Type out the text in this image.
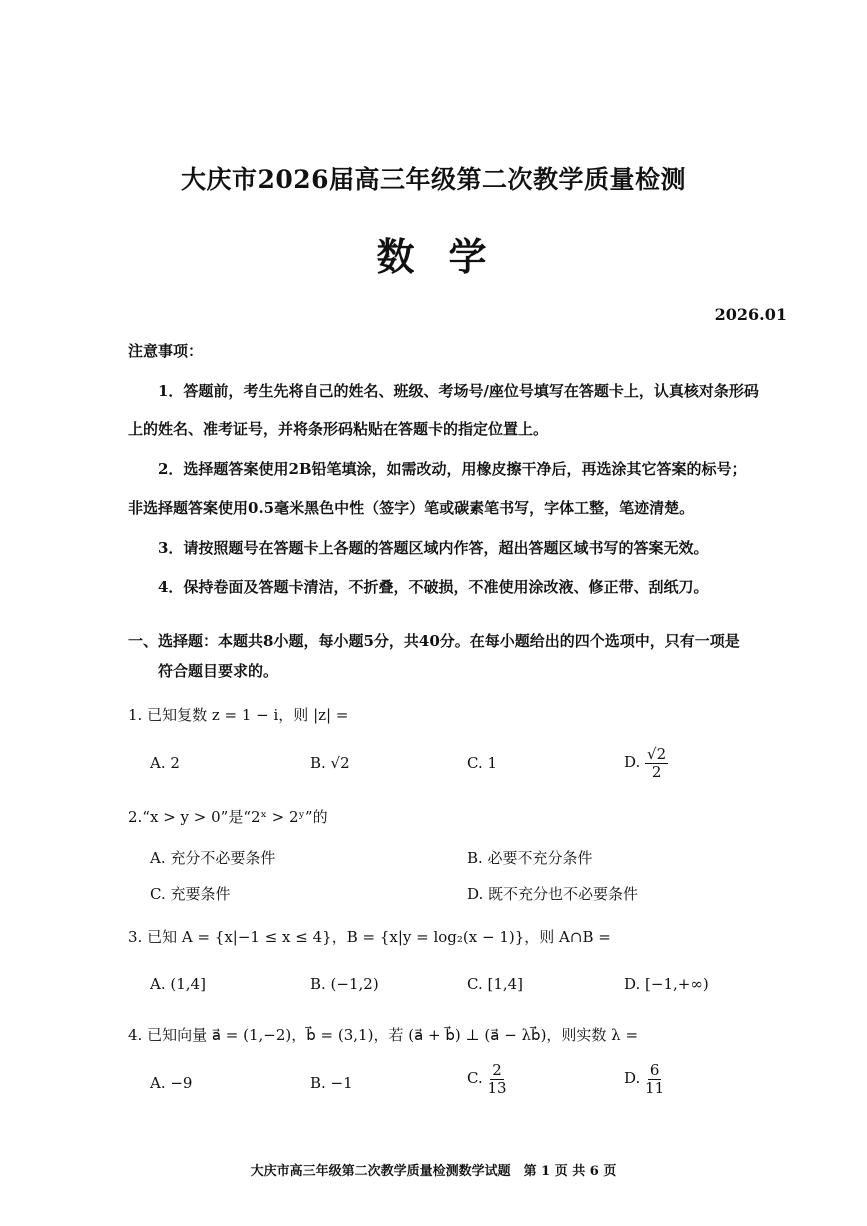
大庆市2026届高三年级第二次教学质量检测
数学
2026.01
注意事项：
1．答题前，考生先将自己的姓名、班级、考场号/座位号填写在答题卡上，认真核对条形码
上的姓名、准考证号，并将条形码粘贴在答题卡的指定位置上。
2．选择题答案使用2B铅笔填涂，如需改动，用橡皮擦干净后，再选涂其它答案的标号；
非选择题答案使用0.5毫米黑色中性（签字）笔或碳素笔书写，字体工整，笔迹清楚。
3．请按照题号在答题卡上各题的答题区域内作答，超出答题区域书写的答案无效。
4．保持卷面及答题卡清洁，不折叠，不破损，不准使用涂改液、修正带、刮纸刀。
一、选择题：本题共8小题，每小题5分，共40分。在每小题给出的四个选项中，只有一项是
符合题目要求的。
1. 已知复数 z = 1 − i，则 |z| =
A. 2	B. √2	C. 1	D. $\frac{√2}{2}$
2.“x > y > 0”是“2ˣ > 2ʸ”的
A. 充分不必要条件	B. 必要不充分条件
C. 充要条件	D. 既不充分也不必要条件
3. 已知 A = {x|−1 ≤ x ≤ 4}，B = {x|y = log₂(x − 1)}，则 A∩B =
A. (1,4]	B. (−1,2)	C. [1,4]	D. [−1,+∞)
4. 已知向量 a⃗ = (1,−2)，b⃗ = (3,1)，若 (a⃗ + b⃗) ⊥ (a⃗ − λb⃗)，则实数 λ =
A. −9	B. −1	C. $\frac{2}{13}$	D. $\frac{6}{11}$
大庆市高三年级第二次教学质量检测数学试题　第 1 页 共 6 页
